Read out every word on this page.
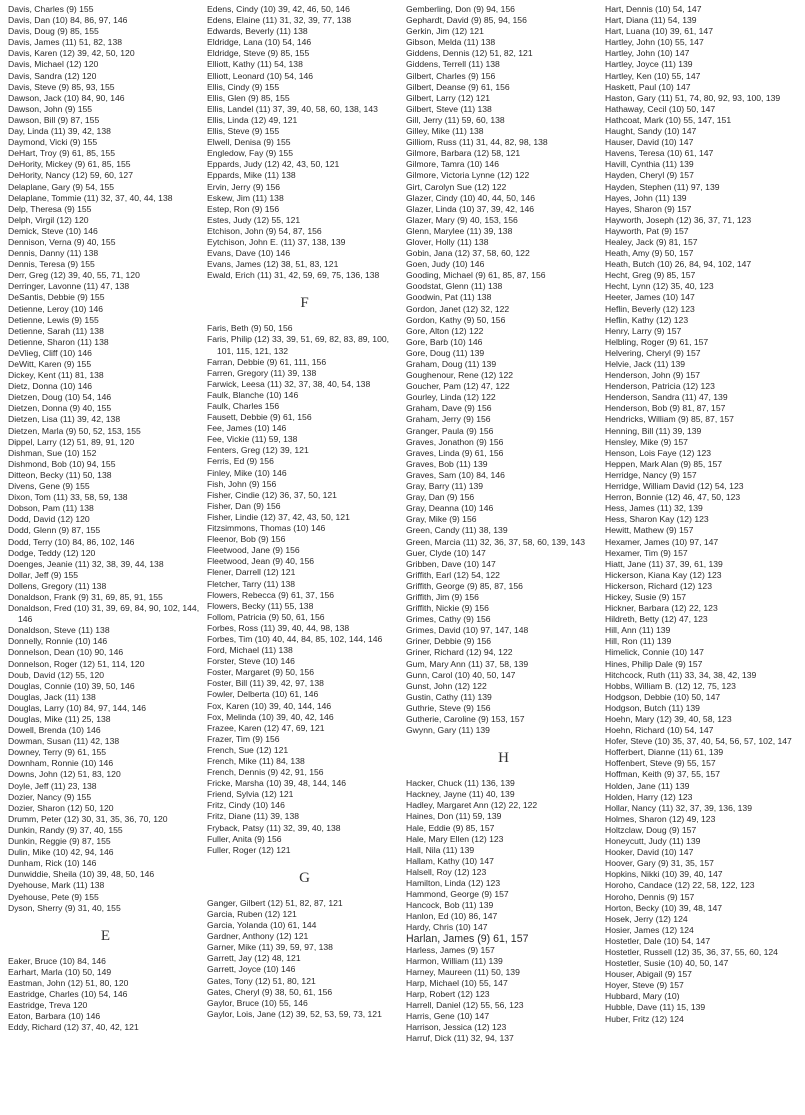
Davis, Charles (9) 155
Davis, Dan (10) 84, 86, 97, 146
Davis, Doug (9) 85, 155
Davis, James (11) 51, 82, 138
Davis, Karen (12) 39, 42, 50, 120
Davis, Michael (12) 120
Davis, Sandra (12) 120
Davis, Steve (9) 85, 93, 155
Dawson, Jack (10) 84, 90, 146
Dawson, John (9) 155
Dawson, Bill (9) 87, 155
Day, Linda (11) 39, 42, 138
Daymond, Vicki (9) 155
DeHart, Troy (9) 61, 85, 155
DeHority, Mickey (9) 61, 85, 155
DeHority, Nancy (12) 59, 60, 127
Delaplane, Gary (9) 54, 155
Delaplane, Tommie (11) 32, 37, 40, 44, 138
Delp, Theresa (9) 155
Delph, Virgil (12) 120
Demick, Steve (10) 146
Dennison, Verna (9) 40, 155
Dennis, Danny (11) 138
Dennis, Teresa (9) 155
Derr, Greg (12) 39, 40, 55, 71, 120
Derringer, Lavonne (11) 47, 138
DeSantis, Debbie (9) 155
Detienne, Leroy (10) 146
Detienne, Lewis (9) 155
Detienne, Sarah (11) 138
Detienne, Sharon (11) 138
DeVlieg, Cliff (10) 146
DeWitt, Karen (9) 155
Dickey, Kent (11) 81, 138
Dietz, Donna (10) 146
Dietzen, Doug (10) 54, 146
Dietzen, Donna (9) 40, 155
Dietzen, Lisa (11) 39, 42, 138
Dietzen, Marla (9) 50, 52, 153, 155
Dippel, Larry (12) 51, 89, 91, 120
Dishman, Sue (10) 152
Dishmond, Bob (10) 94, 155
Ditteon, Becky (11) 50, 138
Divens, Gene (9) 155
Dixon, Tom (11) 33, 58, 59, 138
Dobson, Pam (11) 138
Dodd, David (12) 120
Dodd, Glenn (9) 87, 155
Dodd, Terry (10) 84, 86, 102, 146
Dodge, Teddy (12) 120
Doenges, Jeanie (11) 32, 38, 39, 44, 138
Dollar, Jeff (9) 155
Dollens, Gregory (11) 138
Donaldson, Frank (9) 31, 69, 85, 91, 155
Donaldson, Fred (10) 31, 39, 69, 84, 90, 102, 144, 146
Donaldson, Steve (11) 138
Donnelly, Ronnie (10) 146
Donnelson, Dean (10) 90, 146
Donnelson, Roger (12) 51, 114, 120
Doub, David (12) 55, 120
Douglas, Connie (10) 39, 50, 146
Douglas, Jack (11) 138
Douglas, Larry (10) 84, 97, 144, 146
Douglas, Mike (11) 25, 138
Dowell, Brenda (10) 146
Dowman, Susan (11) 42, 138
Downey, Terry (9) 61, 155
Downham, Ronnie (10) 146
Downs, John (12) 51, 83, 120
Doyle, Jeff (11) 23, 138
Dozier, Nancy (9) 155
Dozier, Sharon (12) 50, 120
Drumm, Peter (12) 30, 31, 35, 36, 70, 120
Dunkin, Randy (9) 37, 40, 155
Dunkin, Reggie (9) 87, 155
Dulin, Mike (10) 42, 94, 146
Dunham, Rick (10) 146
Dunwiddie, Sheila (10) 39, 48, 50, 146
Dyehouse, Mark (11) 138
Dyehouse, Pete (9) 155
Dyson, Sherry (9) 31, 40, 155
E
Eaker, Bruce (10) 84, 146
Earhart, Marla (10) 50, 149
Eastman, John (12) 51, 80, 120
Eastridge, Charles (10) 54, 146
Eastridge, Treva 120
Eaton, Barbara (10) 146
Eddy, Richard (12) 37, 40, 42, 121
Edens, Cindy (10) 39, 42, 46, 50, 146
Edens, Elaine (11) 31, 32, 39, 77, 138
Edwards, Beverly (11) 138
Eldridge, Lana (10) 54, 146
Eldridge, Steve (9) 85, 155
Elliott, Kathy (11) 54, 138
Elliott, Leonard (10) 54, 146
Ellis, Cindy (9) 155
Ellis, Glen (9) 85, 155
Ellis, Landel (11) 37, 39, 40, 58, 60, 138, 143
Ellis, Linda (12) 49, 121
Ellis, Steve (9) 155
Elwell, Denisa (9) 155
Engledow, Fay (9) 155
Eppards, Judy (12) 42, 43, 50, 121
Eppards, Mike (11) 138
Ervin, Jerry (9) 156
Eskew, Jim (11) 138
Estep, Ron (9) 156
Estes, Judy (12) 55, 121
Etchison, John (9) 54, 87, 156
Eytchison, John E. (11) 37, 138, 139
Evans, Dave (10) 146
Evans, James (12) 38, 51, 83, 121
Ewald, Erich (11) 31, 42, 59, 69, 75, 136, 138
F
Faris, Beth (9) 50, 156
Faris, Philip (12) 33, 39, 51, 69, 82, 83, 89, 100, 101, 115, 121, 132
Farran, Debbie (9) 61, 111, 156
Farren, Gregory (11) 39, 138
Farwick, Leesa (11) 32, 37, 38, 40, 54, 138
Faulk, Blanche (10) 146
Faulk, Charles 156
Fausett, Debbie (9) 61, 156
Fee, James (10) 146
Fee, Vickie (11) 59, 138
Fenters, Greg (12) 39, 121
Ferris, Ed (9) 156
Finley, Mike (10) 146
Fish, John (9) 156
Fisher, Cindie (12) 36, 37, 50, 121
Fisher, Dan (9) 156
Fisher, Lindie (12) 37, 42, 43, 50, 121
Fitzsimmons, Thomas (10) 146
Fleenor, Bob (9) 156
Fleetwood, Jane (9) 156
Fleetwood, Jean (9) 40, 156
Flener, Darrell (12) 121
Fletcher, Tarry (11) 138
Flowers, Rebecca (9) 61, 37, 156
Flowers, Becky (11) 55, 138
Follom, Patricia (9) 50, 61, 156
Forbes, Ross (11) 39, 40, 44, 98, 138
Forbes, Tim (10) 40, 44, 84, 85, 102, 144, 146
Ford, Michael (11) 138
Forster, Steve (10) 146
Foster, Margaret (9) 50, 156
Foster, Bill (11) 39, 42, 97, 138
Fowler, Delberta (10) 61, 146
Fox, Karen (10) 39, 40, 144, 146
Fox, Melinda (10) 39, 40, 42, 146
Frazee, Karen (12) 47, 69, 121
Frazer, Tim (9) 156
French, Sue (12) 121
French, Mike (11) 84, 138
French, Dennis (9) 42, 91, 156
Fricke, Marsha (10) 39, 48, 144, 146
Friend, Sylvia (12) 121
Fritz, Cindy (10) 146
Fritz, Diane (11) 39, 138
Fryback, Patsy (11) 32, 39, 40, 138
Fuller, Anita (9) 156
Fuller, Roger (12) 121
G
Ganger, Gilbert (12) 51, 82, 87, 121
Garcia, Ruben (12) 121
Garcia, Yolanda (10) 61, 144
Gardner, Anthony (12) 121
Garner, Mike (11) 39, 59, 97, 138
Garrett, Jay (12) 48, 121
Garrett, Joyce (10) 146
Gates, Tony (12) 51, 80, 121
Gates, Cheryl (9) 38, 50, 61, 156
Gaylor, Bruce (10) 55, 146
Gaylor, Lois, Jane (12) 39, 52, 53, 59, 73, 121
Gemberling, Don (9) 94, 156
Gephardt, David (9) 85, 94, 156
Gerkin, Jim (12) 121
Gibson, Melda (11) 138
Giddens, Dennis (12) 51, 82, 121
Giddens, Terrell (11) 138
Gilbert, Charles (9) 156
Gilbert, Deanse (9) 61, 156
Gilbert, Larry (12) 121
Gilbert, Steve (11) 138
Gill, Jerry (11) 59, 60, 138
Gilley, Mike (11) 138
Gilliom, Russ (11) 31, 44, 82, 98, 138
Gilmore, Barbara (12) 58, 121
Gilmore, Tamra (10) 146
Gilmore, Victoria Lynne (12) 122
Girt, Carolyn Sue (12) 122
Glazer, Cindy (10) 40, 44, 50, 146
Glazer, Linda (10) 37, 39, 42, 146
Glazer, Mary (9) 40, 153, 156
Glenn, Marylee (11) 39, 138
Glover, Holly (11) 138
Gobin, Jana (12) 37, 58, 60, 122
Goen, Judy (10) 146
Gooding, Michael (9) 61, 85, 87, 156
Goodstat, Glenn (11) 138
Goodwin, Pat (11) 138
Gordon, Janet (12) 32, 122
Gordon, Kathy (9) 50, 156
Gore, Alton (12) 122
Gore, Barb (10) 146
Gore, Doug (11) 139
Graham, Doug (11) 139
Goughenour, Rene (12) 122
Goucher, Pam (12) 47, 122
Gourley, Linda (12) 122
Graham, Dave (9) 156
Graham, Jerry (9) 156
Granger, Paula (9) 156
Graves, Jonathon (9) 156
Graves, Linda (9) 61, 156
Graves, Bob (11) 139
Graves, Sam (10) 84, 146
Gray, Barry (11) 139
Gray, Dan (9) 156
Gray, Deanna (10) 146
Gray, Mike (9) 156
Green, Candy (11) 38, 139
Green, Marcia (11) 32, 36, 37, 58, 60, 139, 143
Guer, Clyde (10) 147
Gribben, Dave (10) 147
Griffith, Earl (12) 54, 122
Griffith, George (9) 85, 87, 156
Griffith, Jim (9) 156
Griffith, Nickie (9) 156
Grimes, Cathy (9) 156
Grimes, David (10) 97, 147, 148
Griner, Debbie (9) 156
Griner, Richard (12) 94, 122
Gum, Mary Ann (11) 37, 58, 139
Gunn, Carol (10) 40, 50, 147
Gunst, John (12) 122
Gustin, Cathy (11) 139
Guthrie, Steve (9) 156
Gutherie, Caroline (9) 153, 157
Gwynn, Gary (11) 139
H
Hacker, Chuck (11) 136, 139
Hackney, Jayne (11) 40, 139
Hadley, Margaret Ann (12) 22, 122
Haines, Don (11) 59, 139
Hale, Eddie (9) 85, 157
Hale, Mary Ellen (12) 123
Hall, Nila (11) 139
Hallam, Kathy (10) 147
Halsell, Roy (12) 123
Hamilton, Linda (12) 123
Hammond, George (9) 157
Hancock, Bob (11) 139
Hanlon, Ed (10) 86, 147
Hardy, Chris (10) 147
Harlan, James (9) 61, 157
Harless, James (9) 157
Harmon, William (11) 139
Harney, Maureen (11) 50, 139
Harp, Michael (10) 55, 147
Harp, Robert (12) 123
Harrell, Daniel (12) 55, 56, 123
Harris, Gene (10) 147
Harrison, Jessica (12) 123
Harruf, Dick (11) 32, 94, 137
Hart, Dennis (10) 54, 147
Hart, Diana (11) 54, 139
Hart, Luana (10) 39, 61, 147
Hartley, John (10) 55, 147
Hartley, John (10) 147
Hartley, Joyce (11) 139
Hartley, Ken (10) 55, 147
Haskett, Paul (10) 147
Haston, Gary (11) 51, 74, 80, 92, 93, 100, 139
Hathaway, Cecil (10) 50, 147
Hathcoat, Mark (10) 55, 147, 151
Haught, Sandy (10) 147
Hauser, David (10) 147
Havens, Teresa (10) 61, 147
Havill, Cynthia (11) 139
Hayden, Cheryl (9) 157
Hayden, Stephen (11) 97, 139
Hayes, John (11) 139
Hayes, Sharon (9) 157
Hayworth, Joseph (12) 36, 37, 71, 123
Hayworth, Pat (9) 157
Healey, Jack (9) 81, 157
Heath, Amy (9) 50, 157
Heath, Butch (10) 26, 84, 94, 102, 147
Hecht, Greg (9) 85, 157
Hecht, Lynn (12) 35, 40, 123
Heeter, James (10) 147
Heflin, Beverly (12) 123
Heflin, Kathy (12) 123
Henry, Larry (9) 157
Helbling, Roger (9) 61, 157
Helvering, Cheryl (9) 157
Helvie, Jack (11) 139
Henderson, John (9) 157
Henderson, Patricia (12) 123
Henderson, Sandra (11) 47, 139
Henderson, Bob (9) 81, 87, 157
Hendricks, William (9) 85, 87, 157
Henning, Bill (11) 39, 139
Hensley, Mike (9) 157
Henson, Lois Faye (12) 123
Heppen, Mark Alan (9) 85, 157
Herridge, Nancy (9) 157
Herridge, William David (12) 54, 123
Herron, Bonnie (12) 46, 47, 50, 123
Hess, James (11) 32, 139
Hess, Sharon Kay (12) 123
Hewitt, Mathew (9) 157
Hexamer, James (10) 97, 147
Hexamer, Tim (9) 157
Hiatt, Jane (11) 37, 39, 61, 139
Hickerson, Kiana Kay (12) 123
Hickerson, Richard (12) 123
Hickey, Susie (9) 157
Hickner, Barbara (12) 22, 123
Hildreth, Betty (12) 47, 123
Hill, Ann (11) 139
Hill, Ron (11) 139
Himelick, Connie (10) 147
Hines, Philip Dale (9) 157
Hitchcock, Ruth (11) 33, 34, 38, 42, 139
Hobbs, William B. (12) 12, 75, 123
Hodgson, Debbie (10) 50, 147
Hodgson, Butch (11) 139
Hoehn, Mary (12) 39, 40, 58, 123
Hoehn, Richard (10) 54, 147
Hofer, Steve (10) 35, 37, 40, 54, 56, 57, 102, 147
Hofferbert, Dianne (11) 61, 139
Hoffenbert, Steve (9) 55, 157
Hoffman, Keith (9) 37, 55, 157
Holden, Jane (11) 139
Holden, Harry (12) 123
Hollar, Nancy (11) 32, 37, 39, 136, 139
Holmes, Sharon (12) 49, 123
Holtzclaw, Doug (9) 157
Honeycutt, Judy (11) 139
Hooker, David (10) 147
Hoover, Gary (9) 31, 35, 157
Hopkins, Nikki (10) 39, 40, 147
Horoho, Candace (12) 22, 58, 122, 123
Horoho, Dennis (9) 157
Horton, Becky (10) 39, 48, 147
Hosek, Jerry (12) 124
Hosier, James (12) 124
Hostetler, Dale (10) 54, 147
Hostetler, Russell (12) 35, 36, 37, 55, 60, 124
Hostetler, Susie (10) 40, 50, 147
Houser, Abigail (9) 157
Hoyer, Steve (9) 157
Hubbard, Mary (10)
Hubble, Dave (11) 15, 139
Huber, Fritz (12) 124
